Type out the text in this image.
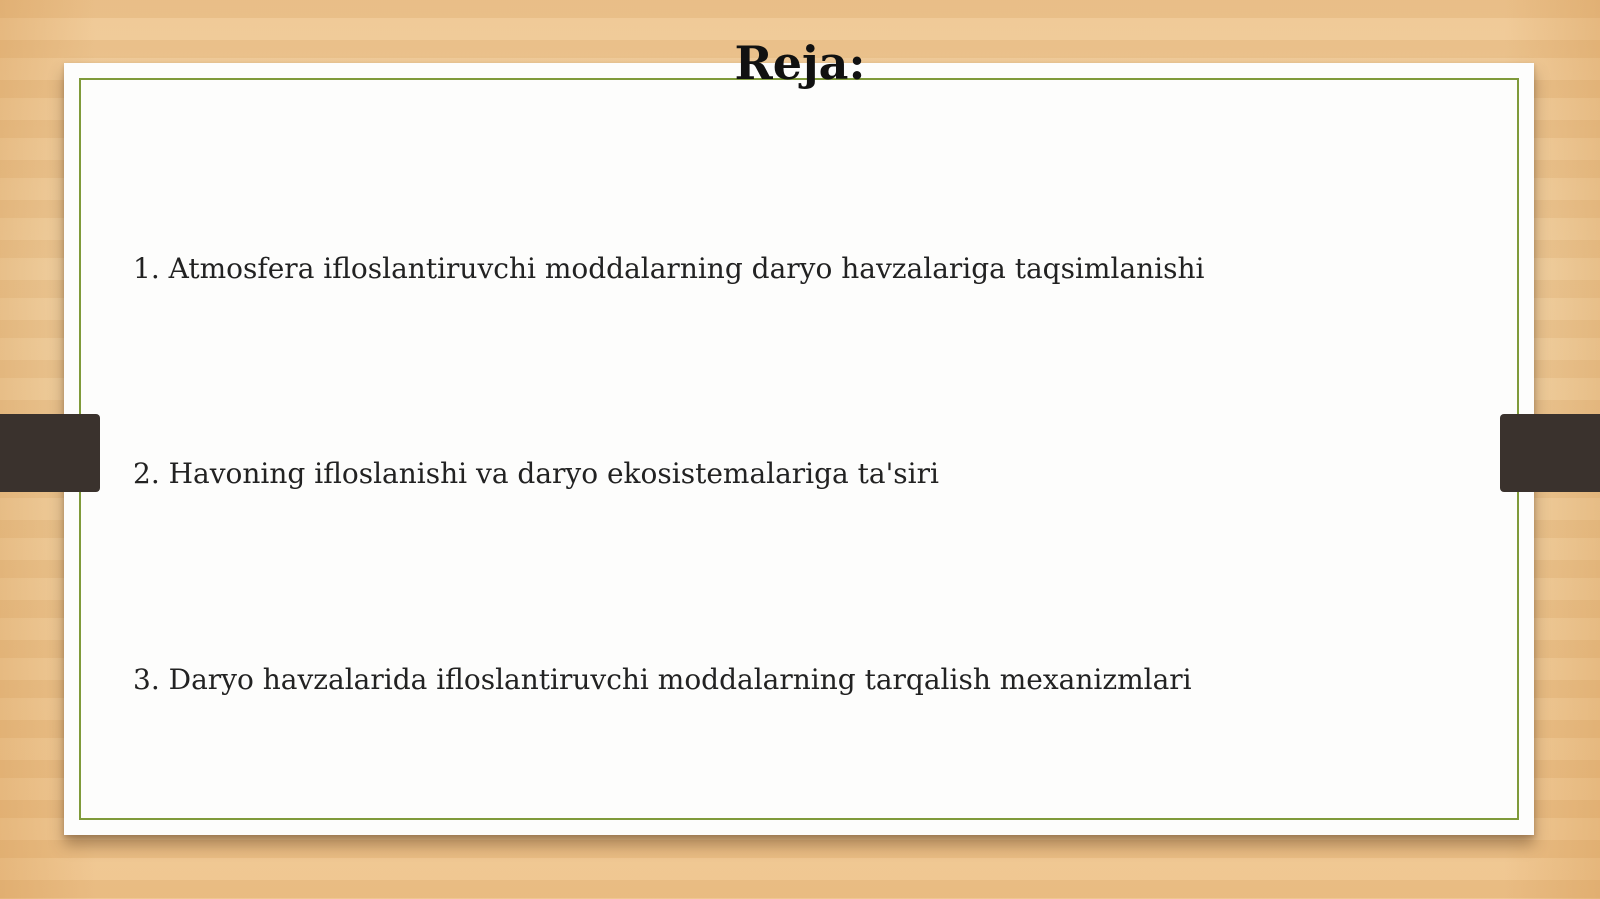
Reja:
1. Atmosfera ifloslantiruvchi moddalarning daryo havzalariga taqsimlanishi
2. Havoning ifloslanishi va daryo ekosistemalariga ta'siri
3. Daryo havzalarida ifloslantiruvchi moddalarning tarqalish mexanizmlari
